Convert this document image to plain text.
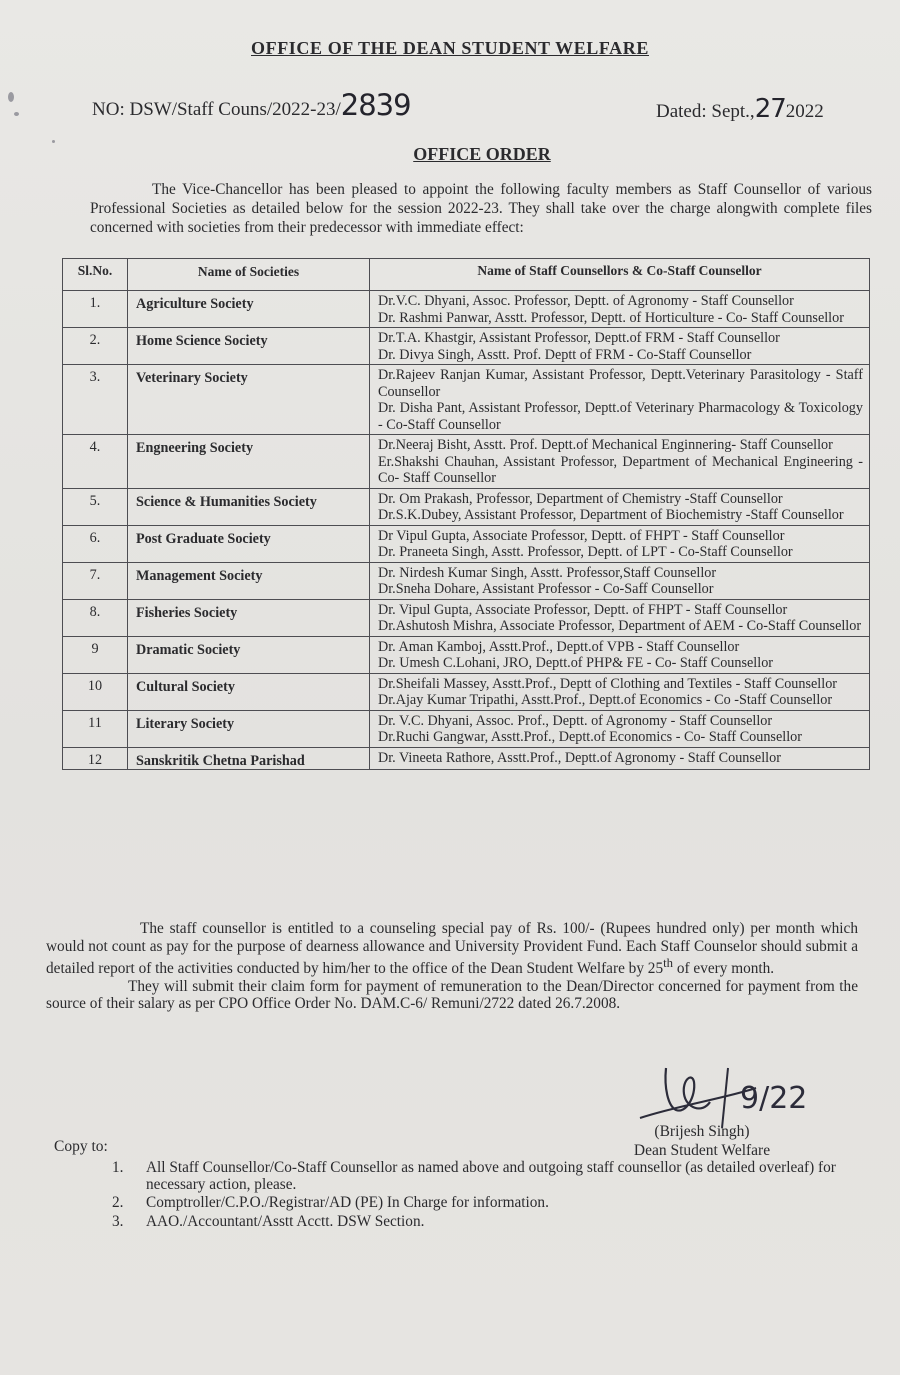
OFFICE OF THE DEAN STUDENT WELFARE
NO: DSW/Staff Couns/2022-23/2839	Dated: Sept.,272022
OFFICE ORDER
The Vice-Chancellor has been pleased to appoint the following faculty members as Staff Counsellor of various Professional Societies as detailed below for the session 2022-23. They shall take over the charge alongwith complete files concerned with societies from their predecessor with immediate effect:
Sl.No.	Name of Societies	Name of Staff Counsellors & Co-Staff Counsellor
1.	Agriculture Society	Dr.V.C. Dhyani, Assoc. Professor, Deptt. of Agronomy - Staff Counsellor

Dr. Rashmi Panwar, Asstt. Professor, Deptt. of Horticulture - Co- Staff Counsellor

2.	Home Science Society	Dr.T.A. Khastgir, Assistant Professor, Deptt.of FRM - Staff Counsellor

Dr. Divya Singh, Asstt. Prof. Deptt of FRM - Co-Staff Counsellor

3.	Veterinary Society	Dr.Rajeev Ranjan Kumar, Assistant Professor, Deptt.Veterinary Parasitology - Staff Counsellor

Dr. Disha Pant, Assistant Professor, Deptt.of Veterinary Pharmacology & Toxicology - Co-Staff Counsellor

4.	Engneering Society	Dr.Neeraj Bisht, Asstt. Prof. Deptt.of Mechanical Enginnering- Staff Counsellor

Er.Shakshi Chauhan, Assistant Professor, Department of Mechanical Engineering - Co- Staff Counsellor

5.	Science & Humanities Society	Dr. Om Prakash, Professor, Department of Chemistry -Staff Counsellor

Dr.S.K.Dubey, Assistant Professor, Department of Biochemistry -Staff Counsellor

6.	Post Graduate Society	Dr Vipul Gupta, Associate Professor, Deptt. of FHPT - Staff Counsellor

Dr. Praneeta Singh, Asstt. Professor, Deptt. of LPT - Co-Staff Counsellor

7.	Management Society	Dr. Nirdesh Kumar Singh, Asstt. Professor,Staff Counsellor

Dr.Sneha Dohare, Assistant Professor - Co-Saff Counsellor

8.	Fisheries Society	Dr. Vipul Gupta, Associate Professor, Deptt. of FHPT - Staff Counsellor

Dr.Ashutosh Mishra, Associate Professor, Department of AEM - Co-Staff Counsellor

9	Dramatic Society	Dr. Aman Kamboj, Asstt.Prof., Deptt.of VPB - Staff Counsellor

Dr. Umesh C.Lohani, JRO, Deptt.of PHP& FE - Co- Staff Counsellor

10	Cultural Society	Dr.Sheifali Massey, Asstt.Prof., Deptt of Clothing and Textiles - Staff Counsellor

Dr.Ajay Kumar Tripathi, Asstt.Prof., Deptt.of Economics - Co -Staff Counsellor

11	Literary Society	Dr. V.C. Dhyani, Assoc. Prof., Deptt. of Agronomy - Staff Counsellor

Dr.Ruchi Gangwar, Asstt.Prof., Deptt.of Economics - Co- Staff Counsellor

12	Sanskritik Chetna Parishad	Dr. Vineeta Rathore, Asstt.Prof., Deptt.of Agronomy - Staff Counsellor

The staff counsellor is entitled to a counseling special pay of Rs. 100/- (Rupees hundred only) per month which would not count as pay for the purpose of dearness allowance and University Provident Fund. Each Staff Counselor should submit a detailed report of the activities conducted by him/her to the office of the Dean Student Welfare by 25th of every month.

They will submit their claim form for payment of remuneration to the Dean/Director concerned for payment from the source of their salary as per CPO Office Order No. DAM.C-6/ Remuni/2722 dated 26.7.2008.

9/22
(Brijesh Singh)
Dean Student Welfare
Copy to:
1. All Staff Counsellor/Co-Staff Counsellor as named above and outgoing staff counsellor (as detailed overleaf) for necessary action, please.
2. Comptroller/C.P.O./Registrar/AD (PE) In Charge for information.
3. AAO./Accountant/Asstt Acctt. DSW Section.
